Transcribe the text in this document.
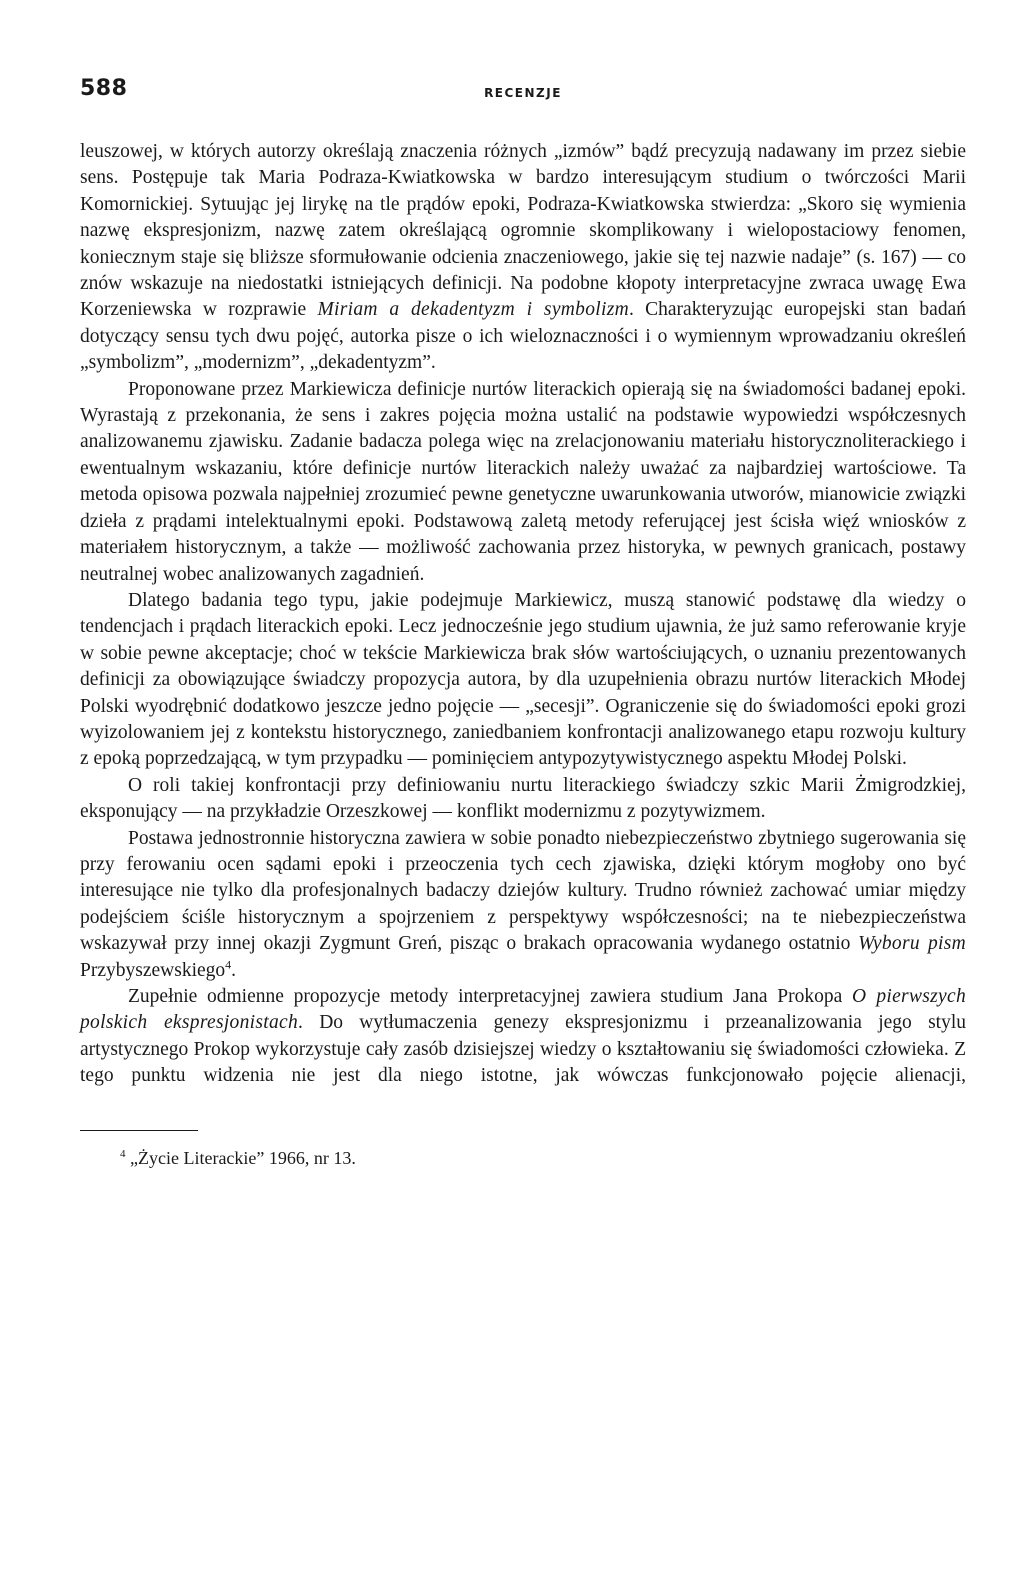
588	RECENZJE

leuszowej, w których autorzy określają znaczenia różnych „izmów” bądź precyzują nadawany im przez siebie sens. Postępuje tak Maria Podraza-Kwiatkowska w bardzo interesującym studium o twórczości Marii Komornickiej. Sytuując jej lirykę na tle prądów epoki, Podraza-Kwiatkowska stwierdza: „Skoro się wymienia nazwę ekspresjonizm, nazwę zatem określającą ogromnie skomplikowany i wielopostaciowy fenomen, koniecznym staje się bliższe sformułowanie odcienia znaczeniowego, jakie się tej nazwie nadaje” (s. 167) — co znów wskazuje na niedostatki istniejących definicji. Na podobne kłopoty interpretacyjne zwraca uwagę Ewa Korzeniewska w rozprawie Miriam a dekadentyzm i symbolizm. Charakteryzując europejski stan badań dotyczący sensu tych dwu pojęć, autorka pisze o ich wieloznaczności i o wymiennym wprowadzaniu określeń „symbolizm”, „modernizm”, „dekadentyzm”.

Proponowane przez Markiewicza definicje nurtów literackich opierają się na świadomości badanej epoki. Wyrastają z przekonania, że sens i zakres pojęcia można ustalić na podstawie wypowiedzi współczesnych analizowanemu zjawisku. Zadanie badacza polega więc na zrelacjonowaniu materiału historycznoliterackiego i ewentualnym wskazaniu, które definicje nurtów literackich należy uważać za najbardziej wartościowe. Ta metoda opisowa pozwala najpełniej zrozumieć pewne genetyczne uwarunkowania utworów, mianowicie związki dzieła z prądami intelektualnymi epoki. Podstawową zaletą metody referującej jest ścisła więź wniosków z materiałem historycznym, a także — możliwość zachowania przez historyka, w pewnych granicach, postawy neutralnej wobec analizowanych zagadnień.

Dlatego badania tego typu, jakie podejmuje Markiewicz, muszą stanowić podstawę dla wiedzy o tendencjach i prądach literackich epoki. Lecz jednocześnie jego studium ujawnia, że już samo referowanie kryje w sobie pewne akceptacje; choć w tekście Markiewicza brak słów wartościujących, o uznaniu prezentowanych definicji za obowiązujące świadczy propozycja autora, by dla uzupełnienia obrazu nurtów literackich Młodej Polski wyodrębnić dodatkowo jeszcze jedno pojęcie — „secesji”. Ograniczenie się do świadomości epoki grozi wyizolowaniem jej z kontekstu historycznego, zaniedbaniem konfrontacji analizowanego etapu rozwoju kultury z epoką poprzedzającą, w tym przypadku — pominięciem antypozytywistycznego aspektu Młodej Polski.

O roli takiej konfrontacji przy definiowaniu nurtu literackiego świadczy szkic Marii Żmigrodzkiej, eksponujący — na przykładzie Orzeszkowej — konflikt modernizmu z pozytywizmem.

Postawa jednostronnie historyczna zawiera w sobie ponadto niebezpieczeństwo zbytniego sugerowania się przy ferowaniu ocen sądami epoki i przeoczenia tych cech zjawiska, dzięki którym mogłoby ono być interesujące nie tylko dla profesjonalnych badaczy dziejów kultury. Trudno również zachować umiar między podejściem ściśle historycznym a spojrzeniem z perspektywy współczesności; na te niebezpieczeństwa wskazywał przy innej okazji Zygmunt Greń, pisząc o brakach opracowania wydanego ostatnio Wyboru pism Przybyszewskiego$^4$.

Zupełnie odmienne propozycje metody interpretacyjnej zawiera studium Jana Prokopa O pierwszych polskich ekspresjonistach. Do wytłumaczenia genezy ekspresjonizmu i przeanalizowania jego stylu artystycznego Prokop wykorzystuje cały zasób dzisiejszej wiedzy o kształtowaniu się świadomości człowieka. Z tego punktu widzenia nie jest dla niego istotne, jak wówczas funkcjonowało pojęcie alienacji,

$^4$ „Życie Literackie” 1966, nr 13.
